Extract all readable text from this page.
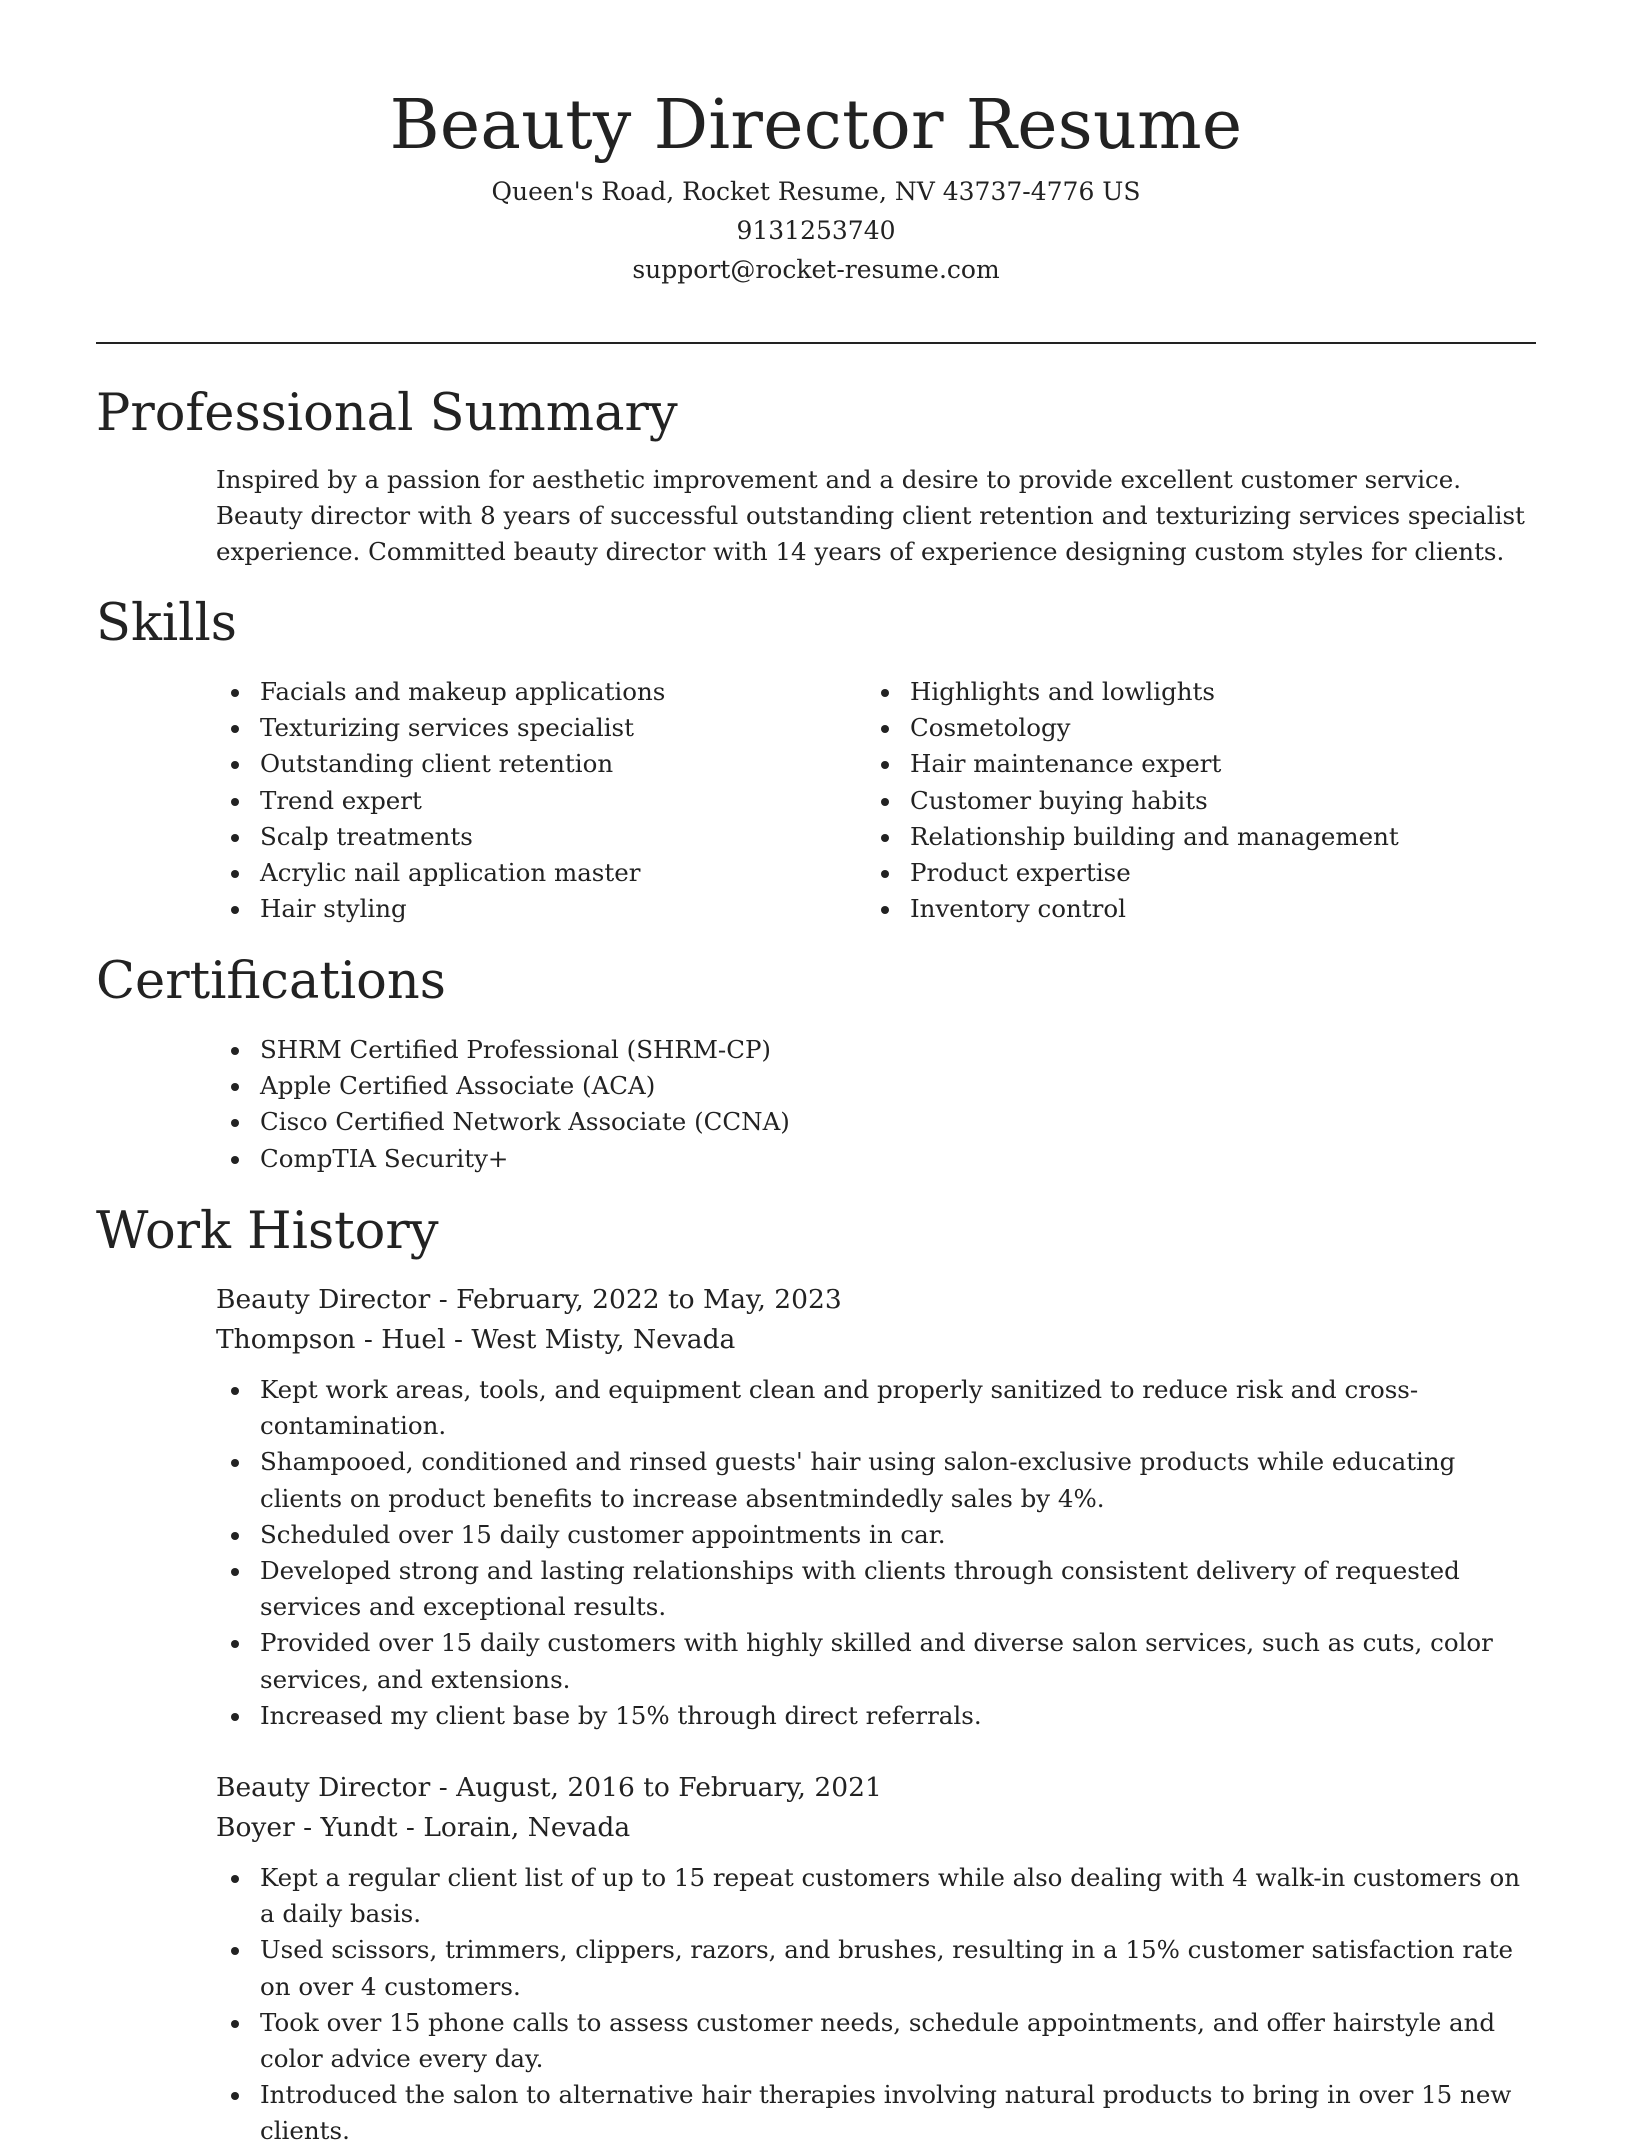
Beauty Director Resume

Queen's Road, Rocket Resume, NV 43737-4776 US

9131253740

support@rocket-resume.com

Professional Summary

Inspired by a passion for aesthetic improvement and a desire to provide excellent customer service. Beauty director with 8 years of successful outstanding client retention and texturizing services specialist experience. Committed beauty director with 14 years of experience designing custom styles for clients.

Skills
Facials and makeup applications
Texturizing services specialist
Outstanding client retention
Trend expert
Scalp treatments
Acrylic nail application master
Hair styling
Highlights and lowlights
Cosmetology
Hair maintenance expert
Customer buying habits
Relationship building and management
Product expertise
Inventory control
Certifications
SHRM Certified Professional (SHRM-CP)
Apple Certified Associate (ACA)
Cisco Certified Network Associate (CCNA)
CompTIA Security+
Work History

Beauty Director - February, 2022 to May, 2023

Thompson - Huel - West Misty, Nevada

Kept work areas, tools, and equipment clean and properly sanitized to reduce risk and cross-contamination.
Shampooed, conditioned and rinsed guests' hair using salon-exclusive products while educating clients on product benefits to increase absentmindedly sales by 4%.
Scheduled over 15 daily customer appointments in car.
Developed strong and lasting relationships with clients through consistent delivery of requested services and exceptional results.
Provided over 15 daily customers with highly skilled and diverse salon services, such as cuts, color services, and extensions.
Increased my client base by 15% through direct referrals.

Beauty Director - August, 2016 to February, 2021

Boyer - Yundt - Lorain, Nevada

Kept a regular client list of up to 15 repeat customers while also dealing with 4 walk-in customers on a daily basis.
Used scissors, trimmers, clippers, razors, and brushes, resulting in a 15% customer satisfaction rate on over 4 customers.
Took over 15 phone calls to assess customer needs, schedule appointments, and offer hairstyle and color advice every day.
Introduced the salon to alternative hair therapies involving natural products to bring in over 15 new clients.
